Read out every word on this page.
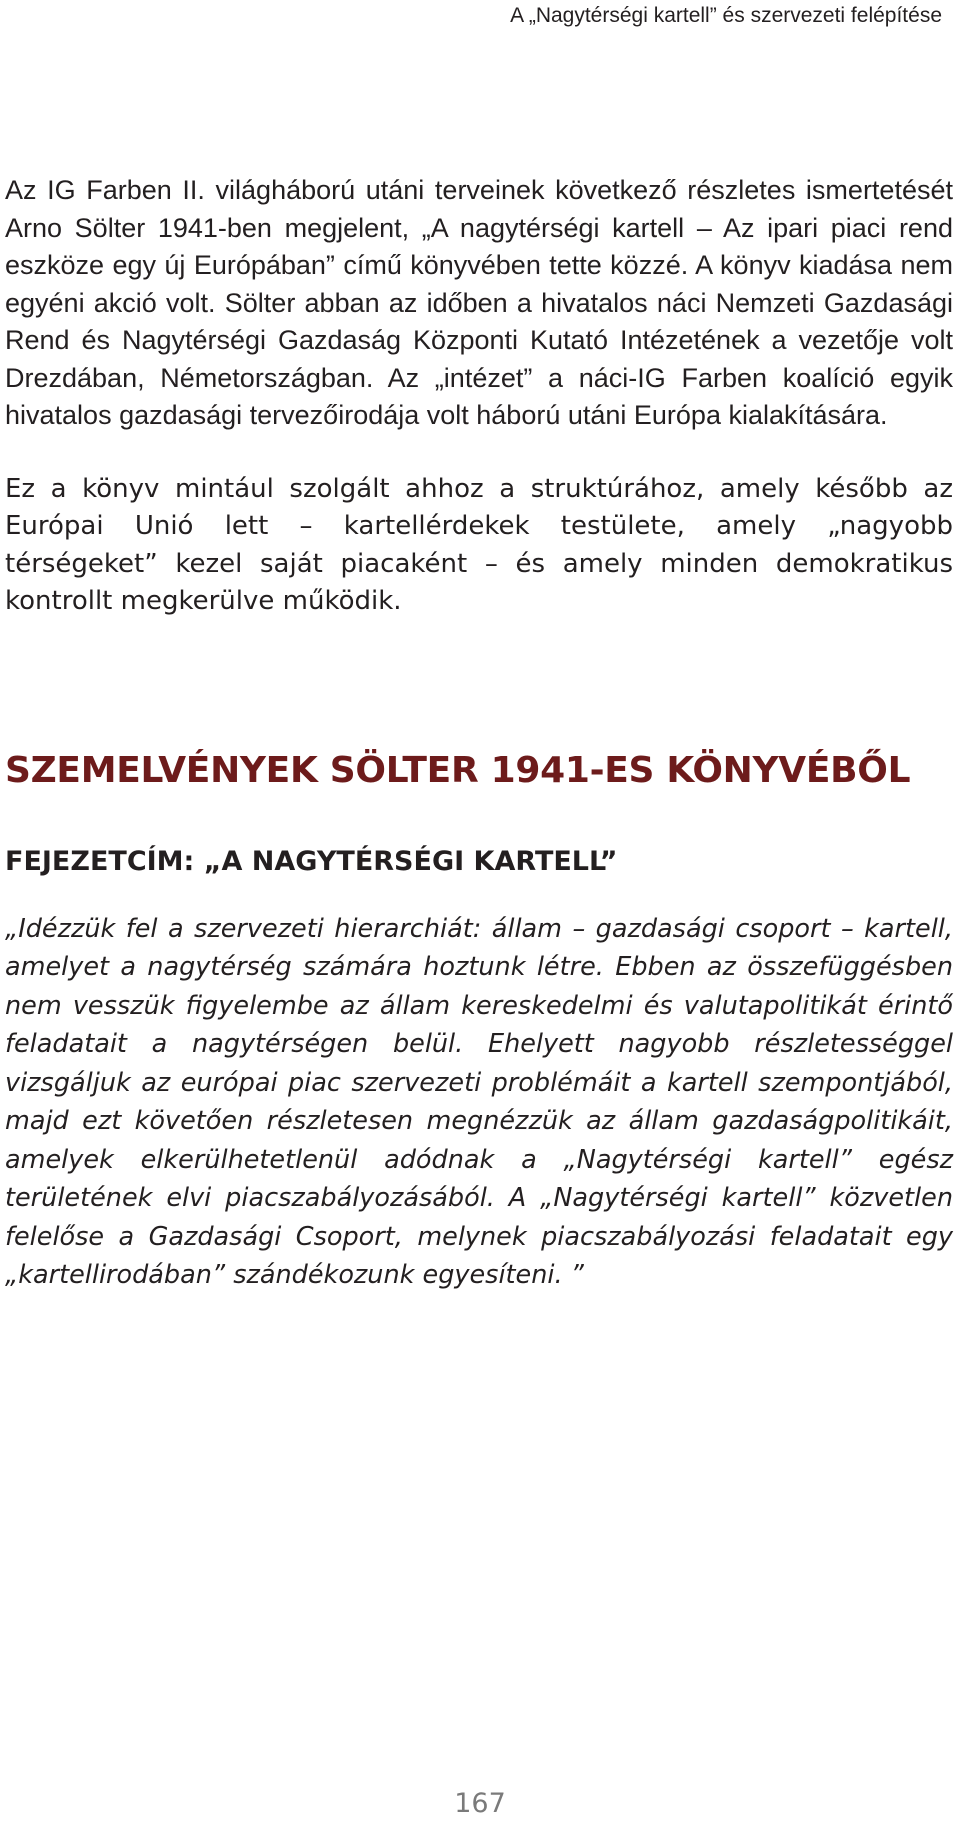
A „Nagytérségi kartell” és szervezeti felépítése

Az IG Farben II. világháború utáni terveinek következő részletes ismertetését Arno Sölter 1941-ben megjelent, „A nagytérségi kartell – Az ipari piaci rend eszköze egy új Európában” című könyvében tette közzé. A könyv kiadása nem egyéni akció volt. Sölter abban az időben a hivatalos náci Nemzeti Gazdasági Rend és Nagytérségi Gazdaság Központi Kutató Intézetének a vezetője volt Drezdában, Németországban. Az „intézet” a náci-IG Farben koalíció egyik hivatalos gazdasági tervezőirodája volt háború utáni Európa kialakítására.

Ez a könyv mintául szolgált ahhoz a struktúrához, amely később az Európai Unió lett – kartellérdekek testülete, amely „nagyobb térségeket” kezel saját piacaként – és amely minden demokratikus kontrollt megkerülve működik.

SZEMELVÉNYEK SÖLTER 1941-ES KÖNYVÉBŐL
FEJEZETCÍM: „A NAGYTÉRSÉGI KARTELL”

„Idézzük fel a szervezeti hierarchiát: állam – gazdasági csoport – kartell, amelyet a nagytérség számára hoztunk létre. Ebben az összefüggésben nem vesszük figyelembe az állam kereskedelmi és valutapolitikát érintő feladatait a nagytérségen belül. Ehelyett nagyobb részletességgel vizsgáljuk az európai piac szervezeti problémáit a kartell szempontjából, majd ezt követően részletesen megnézzük az állam gazdaságpolitikáit, amelyek elkerülhetetlenül adódnak a „Nagytérségi kartell” egész területének elvi piacszabályozásából. A „Nagytérségi kartell” közvetlen felelőse a Gazdasági Csoport, melynek piacszabályozási feladatait egy „kartellirodában” szándékozunk egyesíteni. ”

167
